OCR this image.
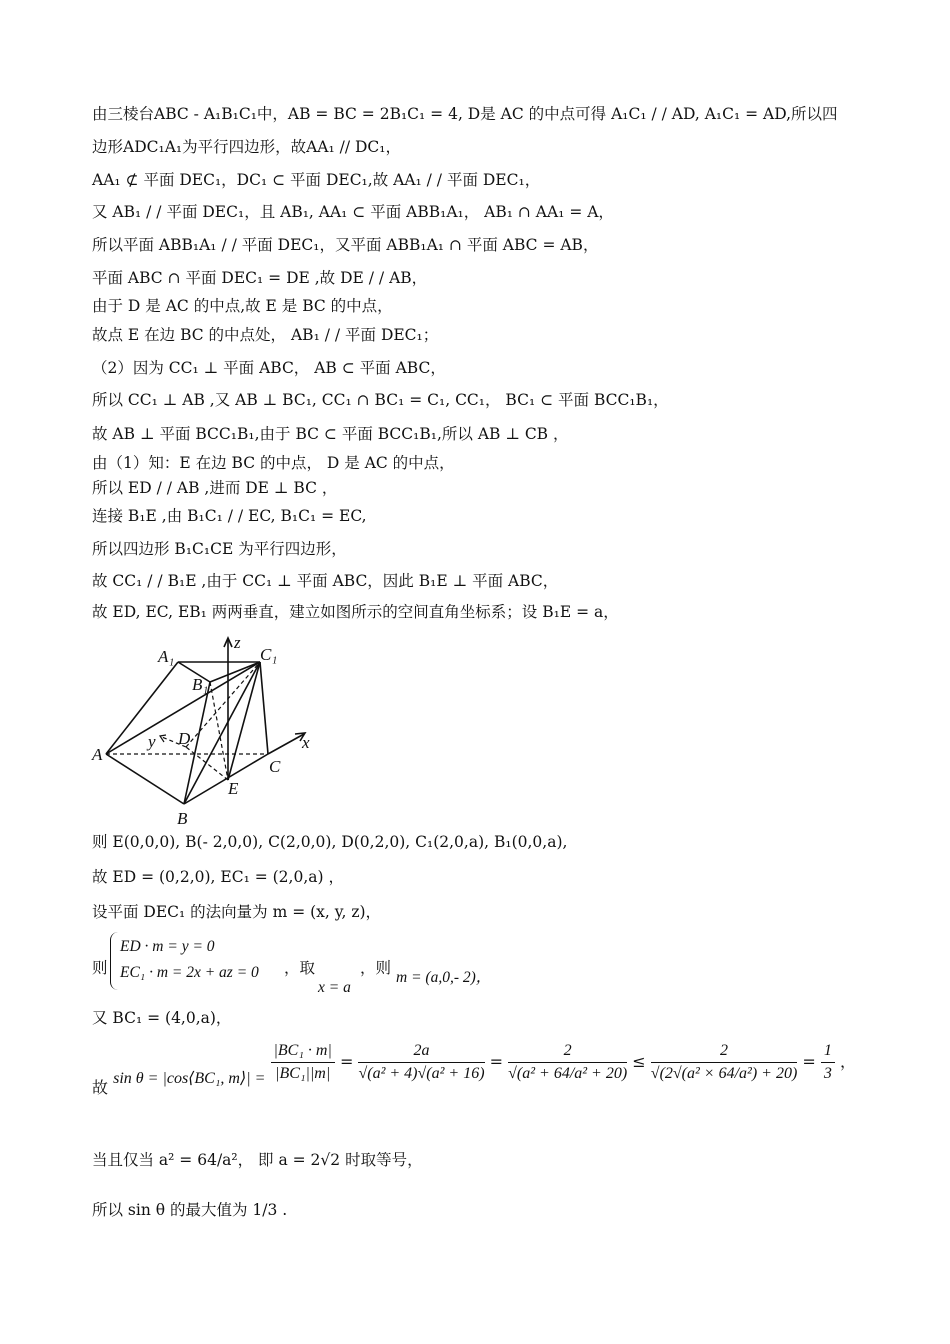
由三棱台ABC - A₁B₁C₁中，AB = BC = 2B₁C₁ = 4, D是 AC 的中点可得 A₁C₁ / / AD, A₁C₁ = AD,所以四
边形ADC₁A₁为平行四边形，故AA₁ // DC₁，
AA₁ ⊄ 平面 DEC₁，DC₁ ⊂ 平面 DEC₁,故 AA₁ / / 平面 DEC₁，
又 AB₁ / / 平面 DEC₁，且 AB₁, AA₁ ⊂ 平面 ABB₁A₁， AB₁ ∩ AA₁ = A，
所以平面 ABB₁A₁ / / 平面 DEC₁，又平面 ABB₁A₁ ∩ 平面 ABC = AB，
平面 ABC ∩ 平面 DEC₁ = DE ,故 DE / / AB，
由于 D 是 AC 的中点,故 E 是 BC 的中点，
故点 E 在边 BC 的中点处， AB₁ / / 平面 DEC₁；
（2）因为 CC₁ ⊥ 平面 ABC， AB ⊂ 平面 ABC，
所以 CC₁ ⊥ AB ,又 AB ⊥ BC₁, CC₁ ∩ BC₁ = C₁, CC₁， BC₁ ⊂ 平面 BCC₁B₁，
故 AB ⊥ 平面 BCC₁B₁,由于 BC ⊂ 平面 BCC₁B₁,所以 AB ⊥ CB ，
由（1）知：E 在边 BC 的中点， D 是 AC 的中点，
所以 ED / / AB ,进而 DE ⊥ BC ，
连接 B₁E ,由 B₁C₁ / / EC, B₁C₁ = EC,
所以四边形 B₁C₁CE 为平行四边形，
故 CC₁ / / B₁E ,由于 CC₁ ⊥ 平面 ABC，因此 B₁E ⊥ 平面 ABC，
故 ED, EC, EB₁ 两两垂直，建立如图所示的空间直角坐标系；设 B₁E = a，
A₁
B₁
C₁
z
y	x
D
A
C
E
B
则 E(0,0,0), B(- 2,0,0), C(2,0,0), D(0,2,0), C₁(2,0,a), B₁(0,0,a),
故 ED = (0,2,0), EC₁ = (2,0,a) ，
设平面 DEC₁ 的法向量为 m = (x, y, z)，
则
ED · m = y = 0
EC₁ · m = 2x + az = 0 ，取
x = a
，则
m = (a,0,- 2)，
又 BC₁ = (4,0,a)，
故 sin θ = |cos⟨BC₁, m⟩| = $\frac{\text{|BC₁ · m|}}{\text{|BC₁||m|}} = \frac{2a}{\text{√(a² + 4)√(a² + 16)}} = \frac{2}{\text{√(a² + 64/a² + 20)}} \le \frac{2}{\text{√(2√(a² × 64/a²) + 20)}} = \frac{1}{3}$ ，
当且仅当 a² = 64/a²， 即 a = 2√2 时取等号，
所以 sin θ 的最大值为 1/3 .
